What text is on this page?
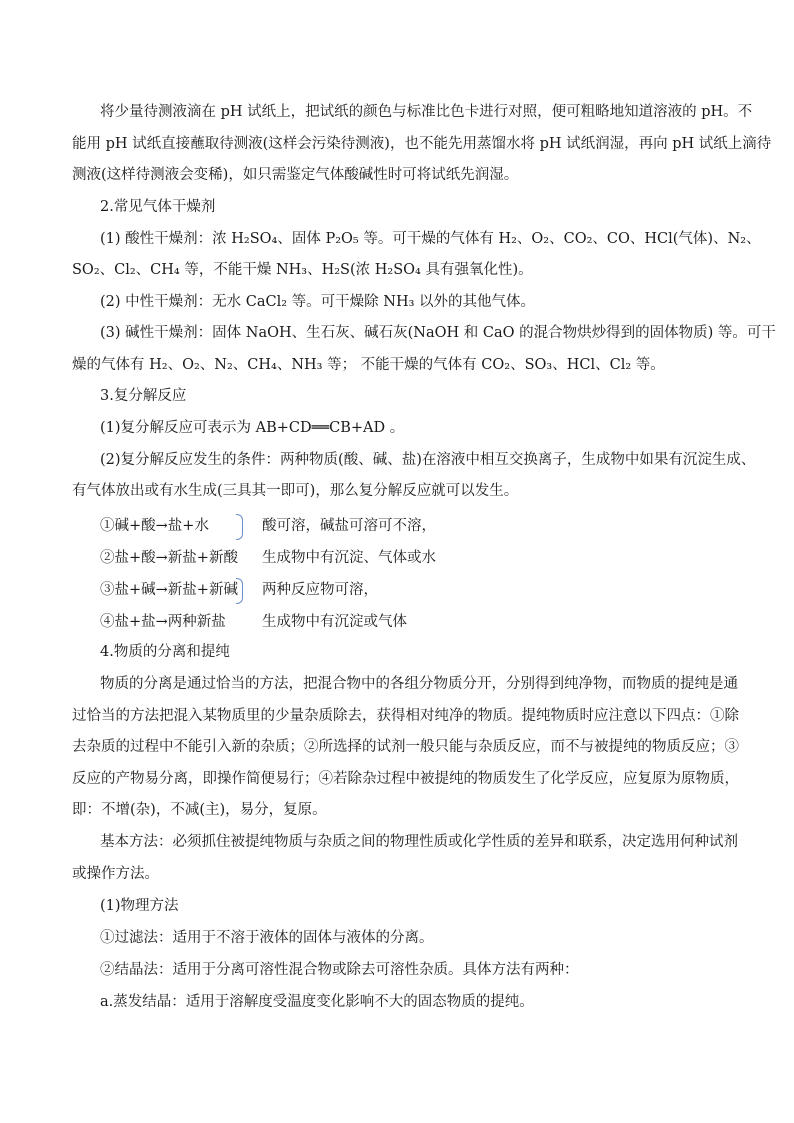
将少量待测液滴在 pH 试纸上，把试纸的颜色与标准比色卡进行对照，便可粗略地知道溶液的 pH。不
能用 pH 试纸直接蘸取待测液(这样会污染待测液)，也不能先用蒸馏水将 pH 试纸润湿，再向 pH 试纸上滴待
测液(这样待测液会变稀)，如只需鉴定气体酸碱性时可将试纸先润湿。
2.常见气体干燥剂
(1) 酸性干燥剂：浓 H₂SO₄、固体 P₂O₅ 等。可干燥的气体有 H₂、O₂、CO₂、CO、HCl(气体)、N₂、
SO₂、Cl₂、CH₄ 等，不能干燥 NH₃、H₂S(浓 H₂SO₄ 具有强氧化性)。
(2) 中性干燥剂：无水 CaCl₂ 等。可干燥除 NH₃ 以外的其他气体。
(3) 碱性干燥剂：固体 NaOH、生石灰、碱石灰(NaOH 和 CaO 的混合物烘炒得到的固体物质) 等。可干
燥的气体有 H₂、O₂、N₂、CH₄、NH₃ 等； 不能干燥的气体有 CO₂、SO₃、HCl、Cl₂ 等。
3.复分解反应
(1)复分解反应可表示为 AB+CD══CB+AD 。
(2)复分解反应发生的条件：两种物质(酸、碱、盐)在溶液中相互交换离子，生成物中如果有沉淀生成、
有气体放出或有水生成(三具其一即可)，那么复分解反应就可以发生。
①碱+酸→盐+水	酸可溶，碱盐可溶可不溶，
②盐+酸→新盐+新酸 生成物中有沉淀、气体或水
③盐+碱→新盐+新碱 两种反应物可溶，
④盐+盐→两种新盐 生成物中有沉淀或气体
4.物质的分离和提纯
物质的分离是通过恰当的方法，把混合物中的各组分物质分开，分别得到纯净物，而物质的提纯是通
过恰当的方法把混入某物质里的少量杂质除去，获得相对纯净的物质。提纯物质时应注意以下四点：①除
去杂质的过程中不能引入新的杂质；②所选择的试剂一般只能与杂质反应，而不与被提纯的物质反应；③
反应的产物易分离，即操作简便易行；④若除杂过程中被提纯的物质发生了化学反应，应复原为原物质，
即：不增(杂)，不减(主)，易分，复原。
基本方法：必须抓住被提纯物质与杂质之间的物理性质或化学性质的差异和联系，决定选用何种试剂
或操作方法。
(1)物理方法
①过滤法：适用于不溶于液体的固体与液体的分离。
②结晶法：适用于分离可溶性混合物或除去可溶性杂质。具体方法有两种：
a.蒸发结晶：适用于溶解度受温度变化影响不大的固态物质的提纯。
